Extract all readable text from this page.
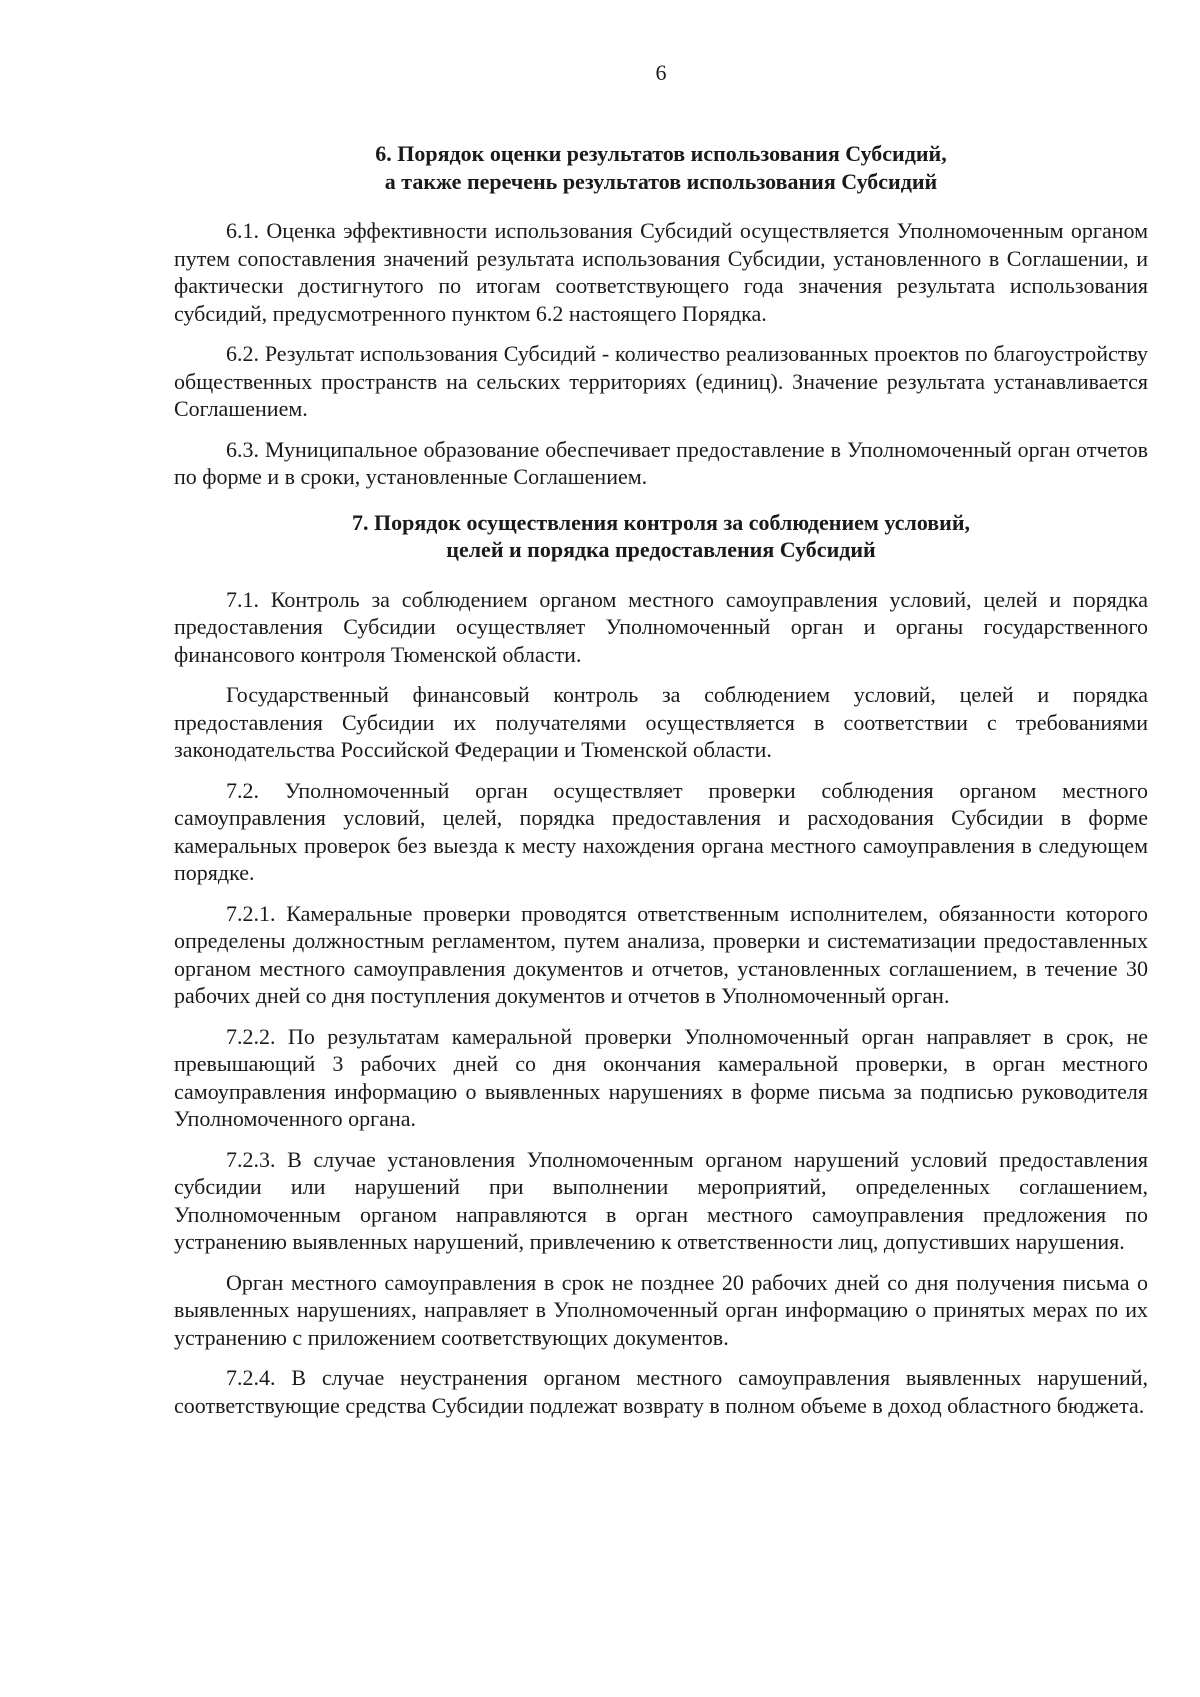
6
6. Порядок оценки результатов использования Субсидий,
а также перечень результатов использования Субсидий

6.1. Оценка эффективности использования Субсидий осуществляется Уполномоченным органом путем сопоставления значений результата использования Субсидии, установленного в Соглашении, и фактически достигнутого по итогам соответствующего года значения результата использования субсидий, предусмотренного пунктом 6.2 настоящего Порядка.

6.2. Результат использования Субсидий - количество реализованных проектов по благоустройству общественных пространств на сельских территориях (единиц). Значение результата устанавливается Соглашением.

6.3. Муниципальное образование обеспечивает предоставление в Уполномоченный орган отчетов по форме и в сроки, установленные Соглашением.

7. Порядок осуществления контроля за соблюдением условий,
целей и порядка предоставления Субсидий

7.1. Контроль за соблюдением органом местного самоуправления условий, целей и порядка предоставления Субсидии осуществляет Уполномоченный орган и органы государственного финансового контроля Тюменской области.

Государственный финансовый контроль за соблюдением условий, целей и порядка предоставления Субсидии их получателями осуществляется в соответствии с требованиями законодательства Российской Федерации и Тюменской области.

7.2. Уполномоченный орган осуществляет проверки соблюдения органом местного самоуправления условий, целей, порядка предоставления и расходования Субсидии в форме камеральных проверок без выезда к месту нахождения органа местного самоуправления в следующем порядке.

7.2.1. Камеральные проверки проводятся ответственным исполнителем, обязанности которого определены должностным регламентом, путем анализа, проверки и систематизации предоставленных органом местного самоуправления документов и отчетов, установленных соглашением, в течение 30 рабочих дней со дня поступления документов и отчетов в Уполномоченный орган.

7.2.2. По результатам камеральной проверки Уполномоченный орган направляет в срок, не превышающий 3 рабочих дней со дня окончания камеральной проверки, в орган местного самоуправления информацию о выявленных нарушениях в форме письма за подписью руководителя Уполномоченного органа.

7.2.3. В случае установления Уполномоченным органом нарушений условий предоставления субсидии или нарушений при выполнении мероприятий, определенных соглашением, Уполномоченным органом направляются в орган местного самоуправления предложения по устранению выявленных нарушений, привлечению к ответственности лиц, допустивших нарушения.

Орган местного самоуправления в срок не позднее 20 рабочих дней со дня получения письма о выявленных нарушениях, направляет в Уполномоченный орган информацию о принятых мерах по их устранению с приложением соответствующих документов.

7.2.4. В случае неустранения органом местного самоуправления выявленных нарушений, соответствующие средства Субсидии подлежат возврату в полном объеме в доход областного бюджета.
